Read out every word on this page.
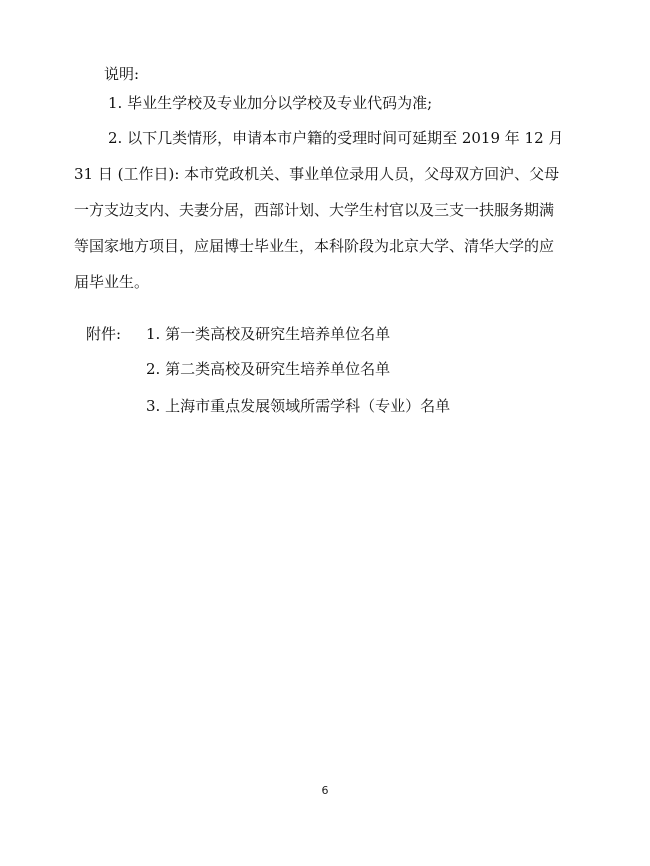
说明:
1. 毕业生学校及专业加分以学校及专业代码为准;
2. 以下几类情形，申请本市户籍的受理时间可延期至 2019 年 12 月
31 日 (工作日): 本市党政机关、事业单位录用人员，父母双方回沪、父母
一方支边支内、夫妻分居，西部计划、大学生村官以及三支一扶服务期满
等国家地方项目，应届博士毕业生，本科阶段为北京大学、清华大学的应
届毕业生。
附件: 1. 第一类高校及研究生培养单位名单
2. 第二类高校及研究生培养单位名单
3. 上海市重点发展领域所需学科（专业）名单
6
